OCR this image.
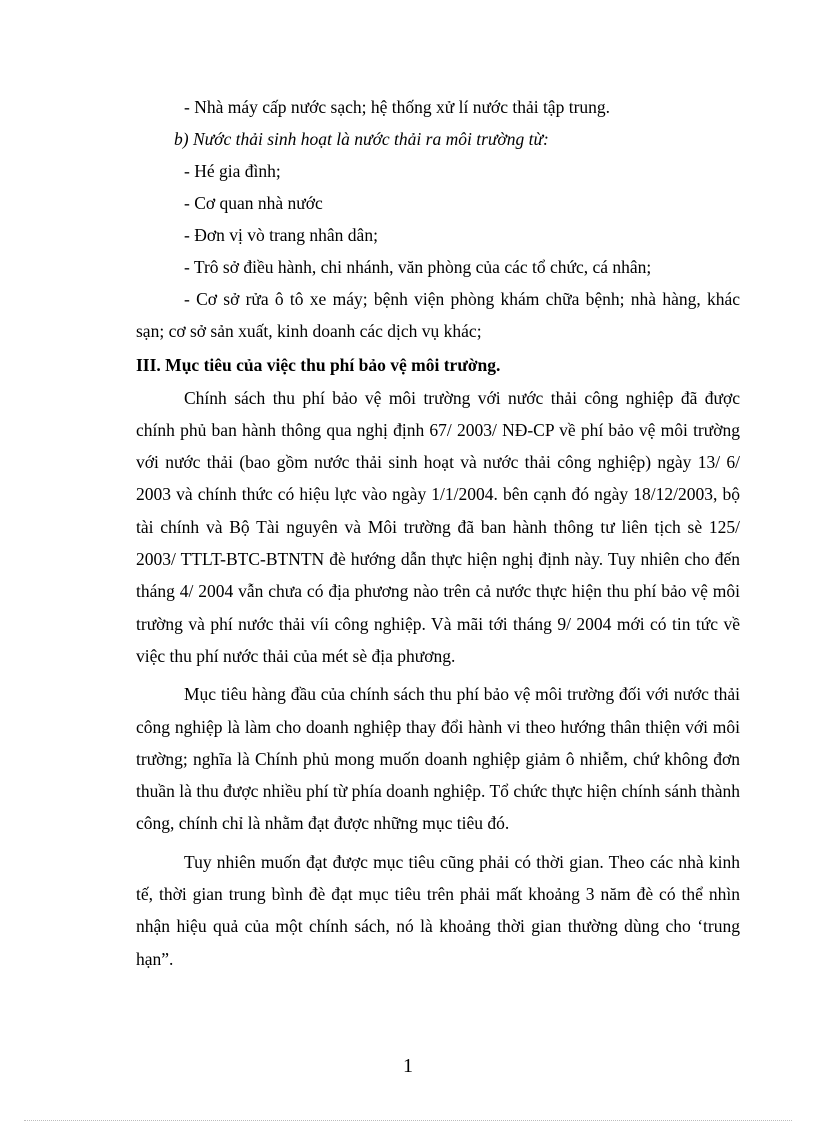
- Nhà máy cấp nước sạch; hệ thống xử lí nước thải tập trung.
b) Nước thải sinh hoạt là nước thải ra môi trường từ:
- Hé gia đình;
- Cơ quan nhà nước
- Đơn vị vò trang nhân dân;
- Trô sở điều hành, chi nhánh, văn phòng của các tổ chức, cá nhân;

- Cơ sở rửa ô tô xe máy; bệnh viện phòng khám chữa bệnh; nhà hàng, khác sạn; cơ sở sản xuất, kinh doanh các dịch vụ khác;

III. Mục tiêu của việc thu phí bảo vệ môi trường.

Chính sách thu phí bảo vệ môi trường với nước thải công nghiệp đã được chính phủ ban hành thông qua nghị định 67/ 2003/ NĐ-CP về phí bảo vệ môi trường với nước thải (bao gồm nước thải sinh hoạt và nước thải công nghiệp) ngày 13/ 6/ 2003 và chính thức có hiệu lực vào ngày 1/1/2004. bên cạnh đó ngày 18/12/2003, bộ tài chính và Bộ Tài nguyên và Môi trường đã ban hành thông tư liên tịch sè 125/ 2003/ TTLT-BTC-BTNTN đè hướng dẫn thực hiện nghị định này. Tuy nhiên cho đến tháng 4/ 2004 vẫn chưa có địa phương nào trên cả nước thực hiện thu phí bảo vệ môi trường và phí nước thải víi công nghiệp. Và mãi tới tháng 9/ 2004 mới có tin tức về việc thu phí nước thải của mét sè địa phương.

Mục tiêu hàng đầu của chính sách thu phí bảo vệ môi trường đối với nước thải công nghiệp là làm cho doanh nghiệp thay đổi hành vi theo hướng thân thiện với môi trường; nghĩa là Chính phủ mong muốn doanh nghiệp giảm ô nhiễm, chứ không đơn thuần là thu được nhiều phí từ phía doanh nghiệp. Tổ chức thực hiện chính sánh thành công, chính chỉ là nhằm đạt được những mục tiêu đó.

Tuy nhiên muốn đạt được mục tiêu cũng phải có thời gian. Theo các nhà kinh tế, thời gian trung bình đè đạt mục tiêu trên phải mất khoảng 3 năm đè có thể nhìn nhận hiệu quả của một chính sách, nó là khoảng thời gian thường dùng cho ‘trung hạn”.

1
